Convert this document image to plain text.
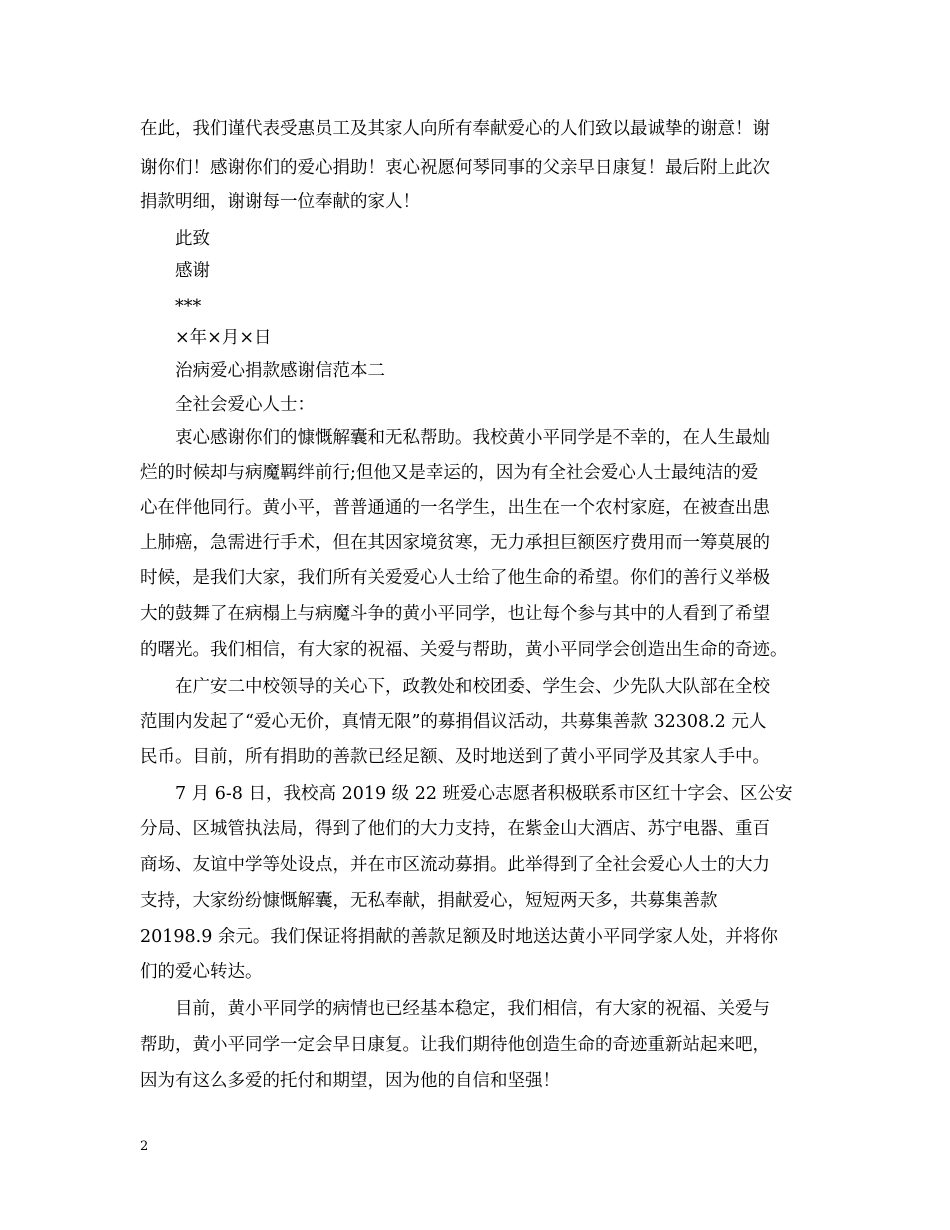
在此，我们谨代表受惠员工及其家人向所有奉献爱心的人们致以最诚挚的谢意！谢

谢你们！感谢你们的爱心捐助！衷心祝愿何琴同事的父亲早日康复！最后附上此次

捐款明细，谢谢每一位奉献的家人！

此致

感谢

***

×年×月×日

治病爱心捐款感谢信范本二

全社会爱心人士：

衷心感谢你们的慷慨解囊和无私帮助。我校黄小平同学是不幸的，在人生最灿

烂的时候却与病魔羁绊前行;但他又是幸运的，因为有全社会爱心人士最纯洁的爱

心在伴他同行。黄小平，普普通通的一名学生，出生在一个农村家庭，在被查出患

上肺癌，急需进行手术，但在其因家境贫寒，无力承担巨额医疗费用而一筹莫展的

时候，是我们大家，我们所有关爱爱心人士给了他生命的希望。你们的善行义举极

大的鼓舞了在病榻上与病魔斗争的黄小平同学，也让每个参与其中的人看到了希望

的曙光。我们相信，有大家的祝福、关爱与帮助，黄小平同学会创造出生命的奇迹。

在广安二中校领导的关心下，政教处和校团委、学生会、少先队大队部在全校

范围内发起了“爱心无价，真情无限”的募捐倡议活动，共募集善款 32308.2 元人

民币。目前，所有捐助的善款已经足额、及时地送到了黄小平同学及其家人手中。

7 月 6-8 日，我校高 2019 级 22 班爱心志愿者积极联系市区红十字会、区公安

分局、区城管执法局，得到了他们的大力支持，在紫金山大酒店、苏宁电器、重百

商场、友谊中学等处设点，并在市区流动募捐。此举得到了全社会爱心人士的大力

支持，大家纷纷慷慨解囊，无私奉献，捐献爱心，短短两天多，共募集善款

20198.9 余元。我们保证将捐献的善款足额及时地送达黄小平同学家人处，并将你

们的爱心转达。

目前，黄小平同学的病情也已经基本稳定，我们相信，有大家的祝福、关爱与

帮助，黄小平同学一定会早日康复。让我们期待他创造生命的奇迹重新站起来吧，

因为有这么多爱的托付和期望，因为他的自信和坚强！

2
